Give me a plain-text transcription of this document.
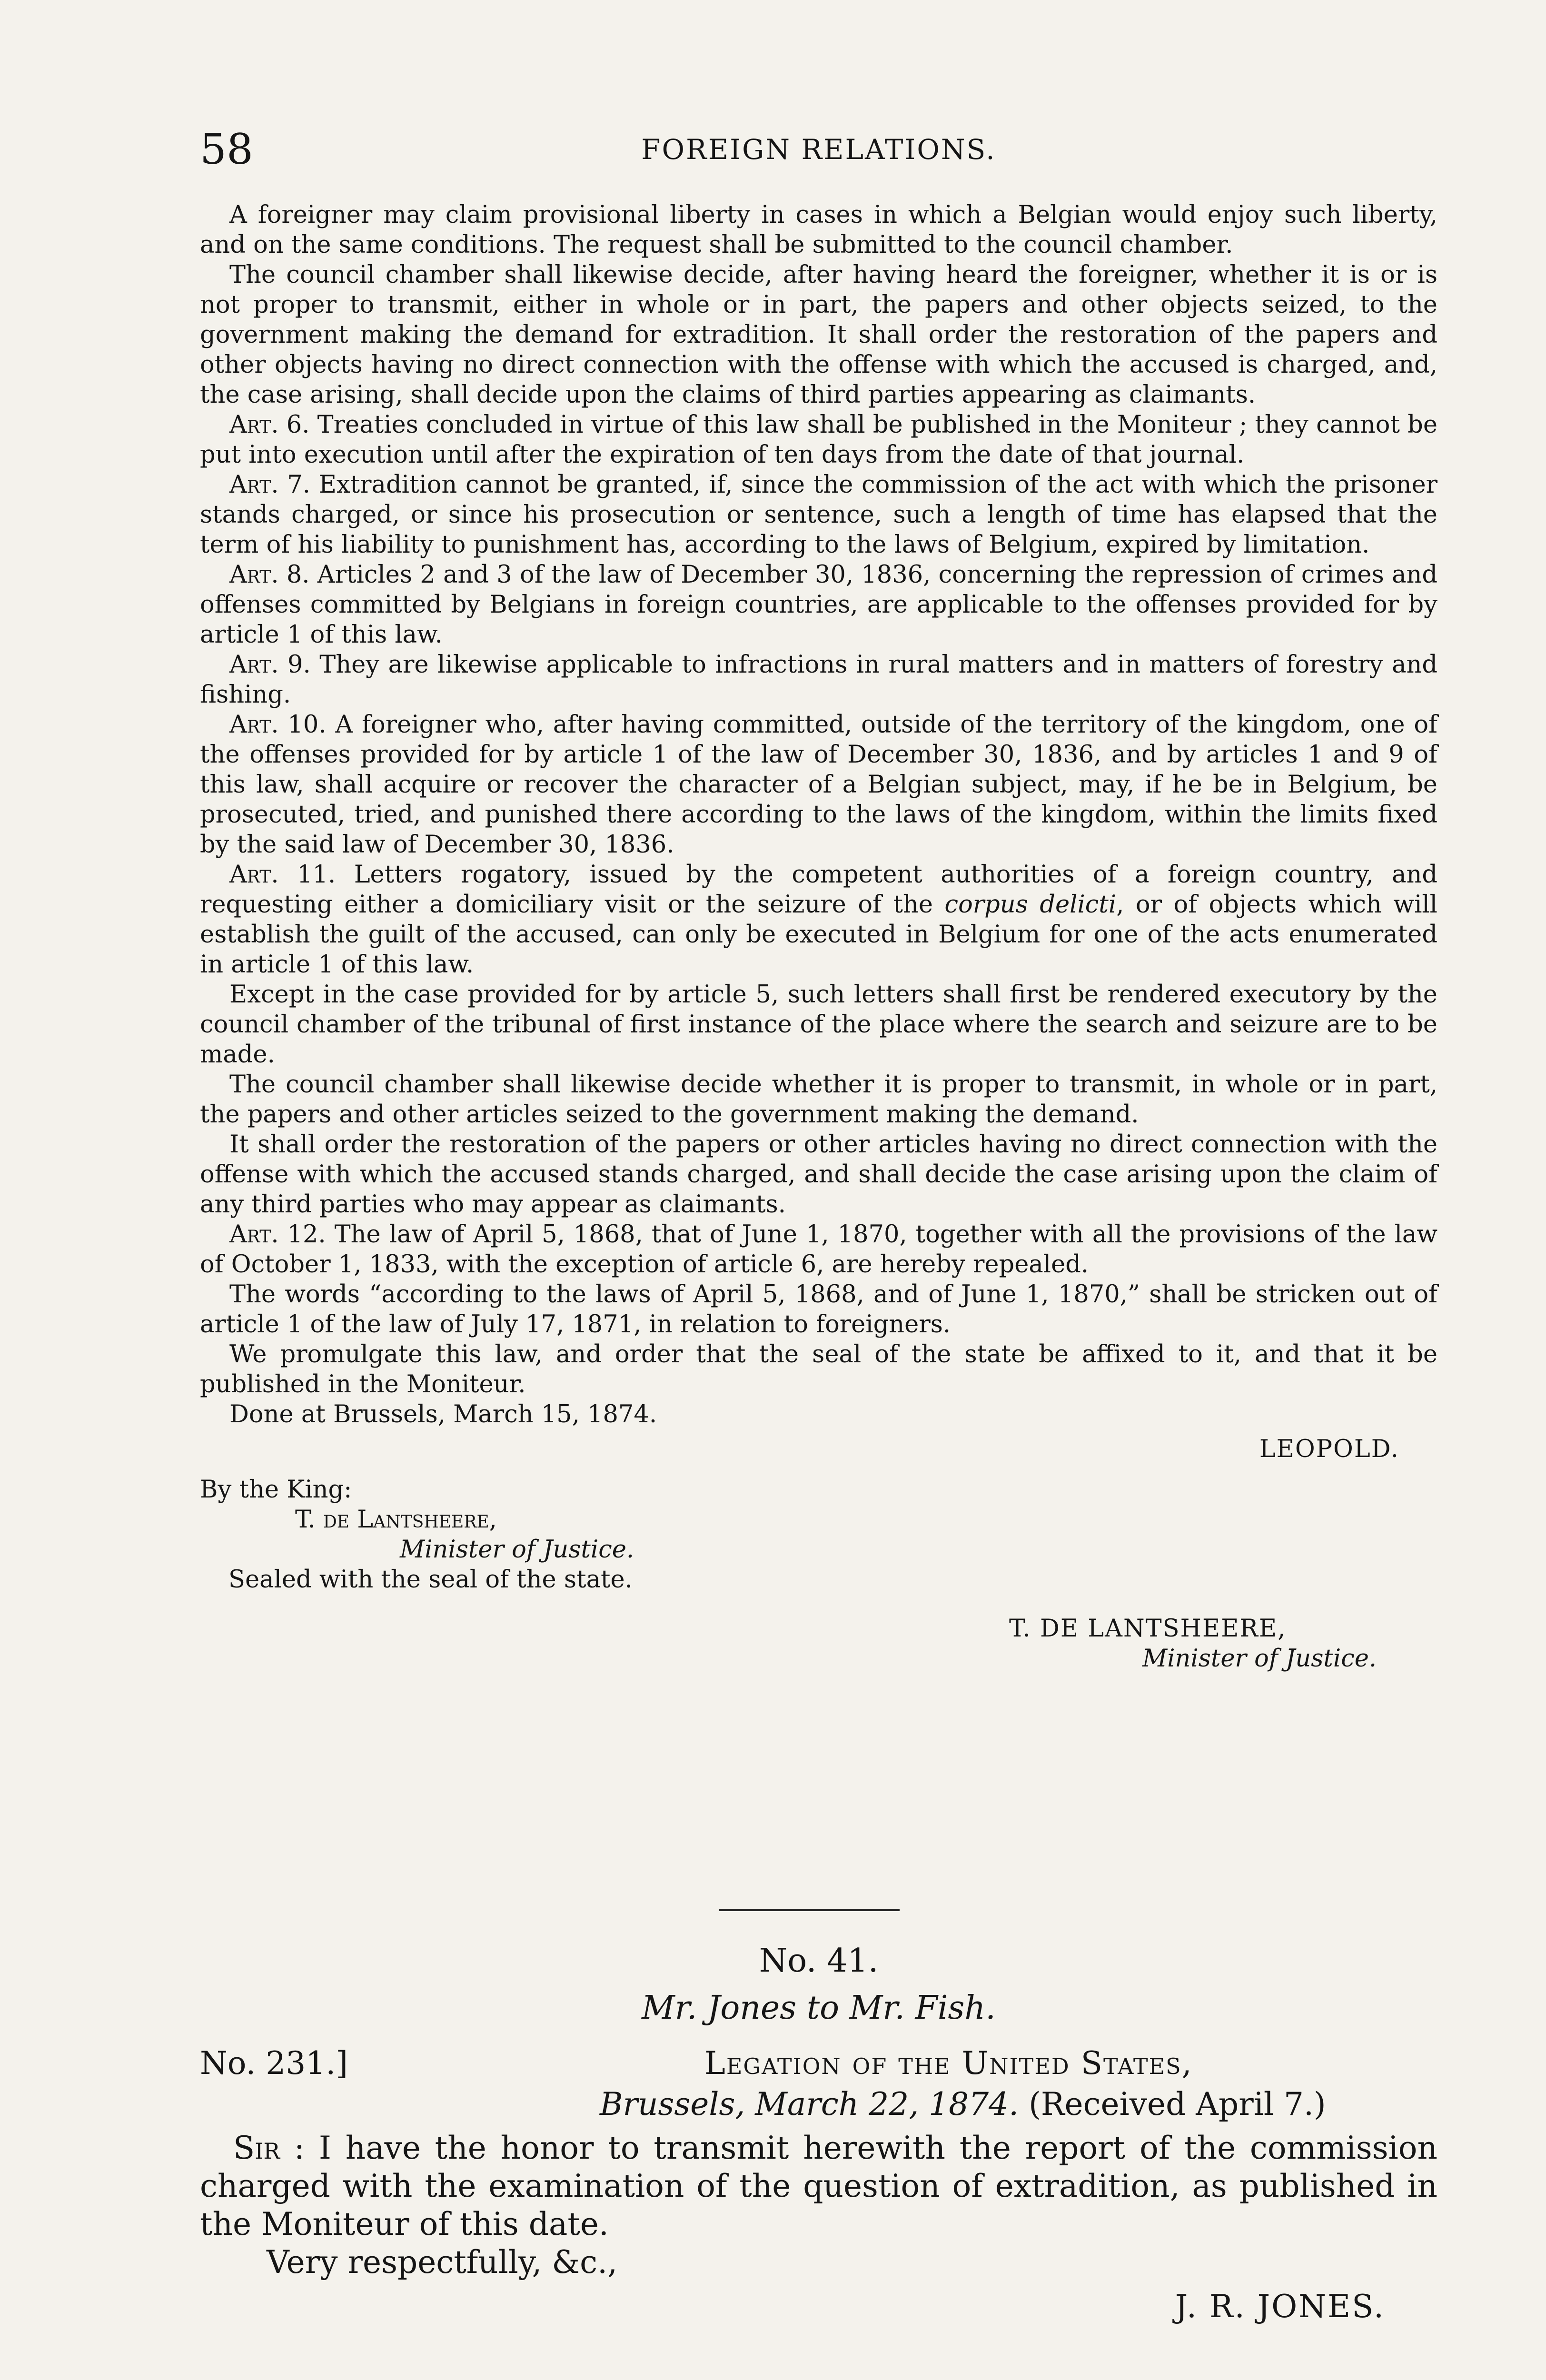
58	FOREIGN RELATIONS.

A foreigner may claim provisional liberty in cases in which a Belgian would enjoy such liberty, and on the same conditions. The request shall be submitted to the council chamber.

The council chamber shall likewise decide, after having heard the foreigner, whether it is or is not proper to transmit, either in whole or in part, the papers and other objects seized, to the government making the demand for extradition. It shall order the restoration of the papers and other objects having no direct connection with the offense with which the accused is charged, and, the case arising, shall decide upon the claims of third parties appearing as claimants.

Art. 6. Treaties concluded in virtue of this law shall be published in the Moniteur ; they cannot be put into execution until after the expiration of ten days from the date of that journal.

Art. 7. Extradition cannot be granted, if, since the commission of the act with which the prisoner stands charged, or since his prosecution or sentence, such a length of time has elapsed that the term of his liability to punishment has, according to the laws of Belgium, expired by limitation.

Art. 8. Articles 2 and 3 of the law of December 30, 1836, concerning the repression of crimes and offenses committed by Belgians in foreign countries, are applicable to the offenses provided for by article 1 of this law.

Art. 9. They are likewise applicable to infractions in rural matters and in matters of forestry and fishing.

Art. 10. A foreigner who, after having committed, outside of the territory of the kingdom, one of the offenses provided for by article 1 of the law of December 30, 1836, and by articles 1 and 9 of this law, shall acquire or recover the character of a Belgian subject, may, if he be in Belgium, be prosecuted, tried, and punished there according to the laws of the kingdom, within the limits fixed by the said law of December 30, 1836.

Art. 11. Letters rogatory, issued by the competent authorities of a foreign country, and requesting either a domiciliary visit or the seizure of the corpus delicti, or of objects which will establish the guilt of the accused, can only be executed in Belgium for one of the acts enumerated in article 1 of this law.

Except in the case provided for by article 5, such letters shall first be rendered executory by the council chamber of the tribunal of first instance of the place where the search and seizure are to be made.

The council chamber shall likewise decide whether it is proper to transmit, in whole or in part, the papers and other articles seized to the government making the demand.

It shall order the restoration of the papers or other articles having no direct connection with the offense with which the accused stands charged, and shall decide the case arising upon the claim of any third parties who may appear as claimants.

Art. 12. The law of April 5, 1868, that of June 1, 1870, together with all the provisions of the law of October 1, 1833, with the exception of article 6, are hereby repealed.

The words “according to the laws of April 5, 1868, and of June 1, 1870,” shall be stricken out of article 1 of the law of July 17, 1871, in relation to foreigners.

We promulgate this law, and order that the seal of the state be affixed to it, and that it be published in the Moniteur.

Done at Brussels, March 15, 1874.

LEOPOLD.
By the King:
T. de Lantsheere,
Minister of Justice.
Sealed with the seal of the state.
T. DE LANTSHEERE,
Minister of Justice.
No. 41.
Mr. Jones to Mr. Fish.
No. 231.]	Legation of the United States,
Brussels, March 22, 1874. (Received April 7.)

Sir : I have the honor to transmit herewith the report of the commission charged with the examination of the question of extradition, as published in the Moniteur of this date.

Very respectfully, &c.,
J. R. JONES.
